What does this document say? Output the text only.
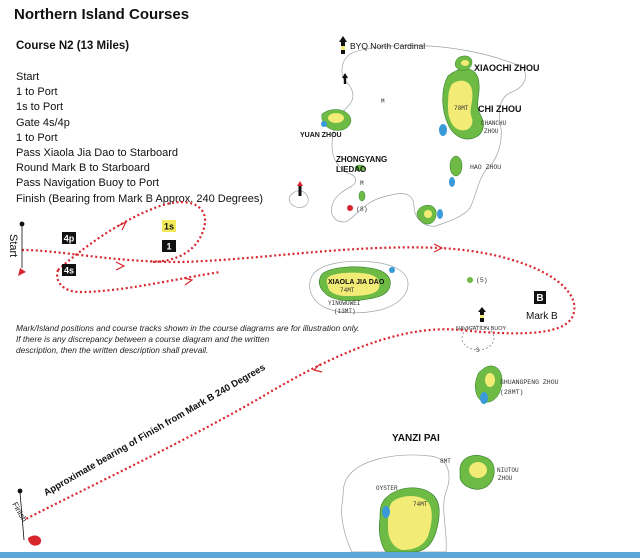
Northern Island Courses
Course N2 (13 Miles)
Start
1 to Port
1s to Port
Gate 4s/4p
1 to Port
Pass Xiaola Jia Dao to Starboard
Round Mark B to Starboard
Pass Navigation Buoy to Port
Finish (Bearing from Mark B Approx. 240 Degrees)
Mark/Island positions and course tracks shown in the course diagrams are for illustration only.
If there is any discrepancy between a course diagram and the written
description, then the written description shall prevail.
4p
4s
1s
1
B
BYQ North Cardinal
XIAOCHI ZHOU
CHI ZHOU
78MT
CHANCHU
ZHOU
YUAN ZHOU
ZHONGYANG
LIEDAO	HAO ZHOU
XIAOLA JIA DAO
74MT
YINGWUWEI
(13MT)
(5)
(8)
Mark B
NAVIGATION BUOY
S
M
M
SHUANGPENG ZHOU
(28MT)
YANZI PAI
8MT
NIUTOU
ZHOU
OYSTER
74MT
Start
Finish
Approximate bearing of Finish from Mark B 240 Degrees
